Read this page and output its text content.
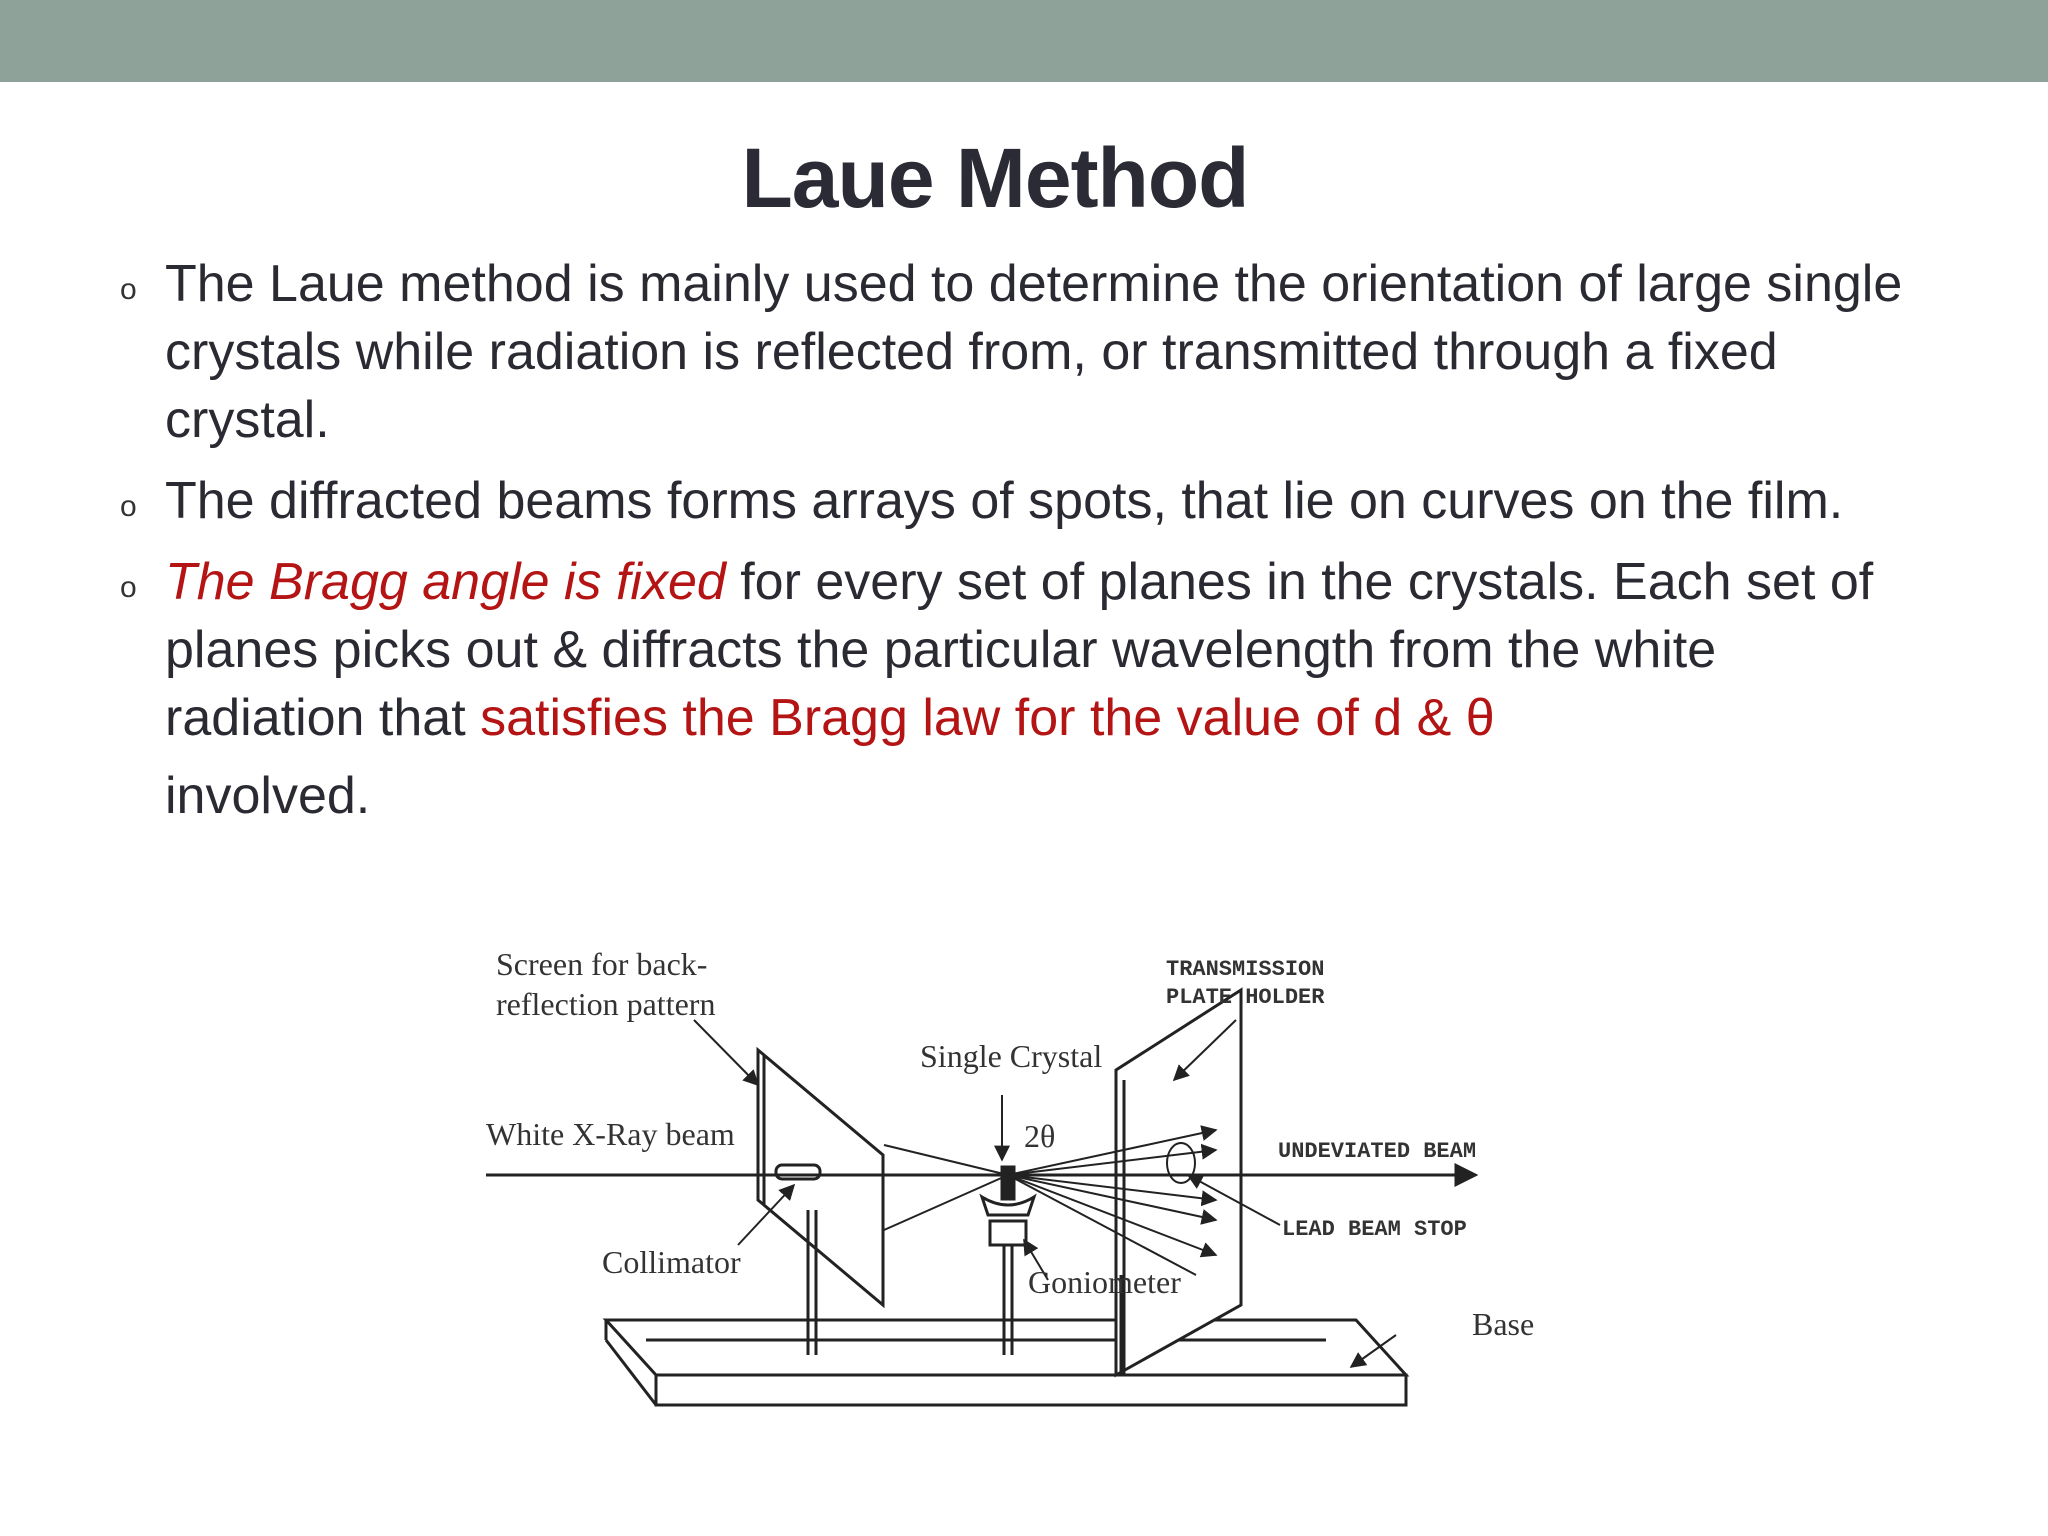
Laue Method
o The Laue method is mainly used to determine the orientation of large single crystals while radiation is reflected from, or transmitted through a fixed crystal.
o The diffracted beams forms arrays of spots, that lie on curves on the film.
o The Bragg angle is fixed for every set of planes in the crystals. Each set of planes picks out & diffracts the particular wavelength from the white radiation that satisfies the Bragg law for the value of d & θ
involved.
Screen for back-
reflection pattern
TRANSMISSION
PLATE HOLDER
Single Crystal
2θ
White X-Ray beam	UNDEVIATED BEAM
LEAD BEAM STOP
Collimator
Goniometer
Base
